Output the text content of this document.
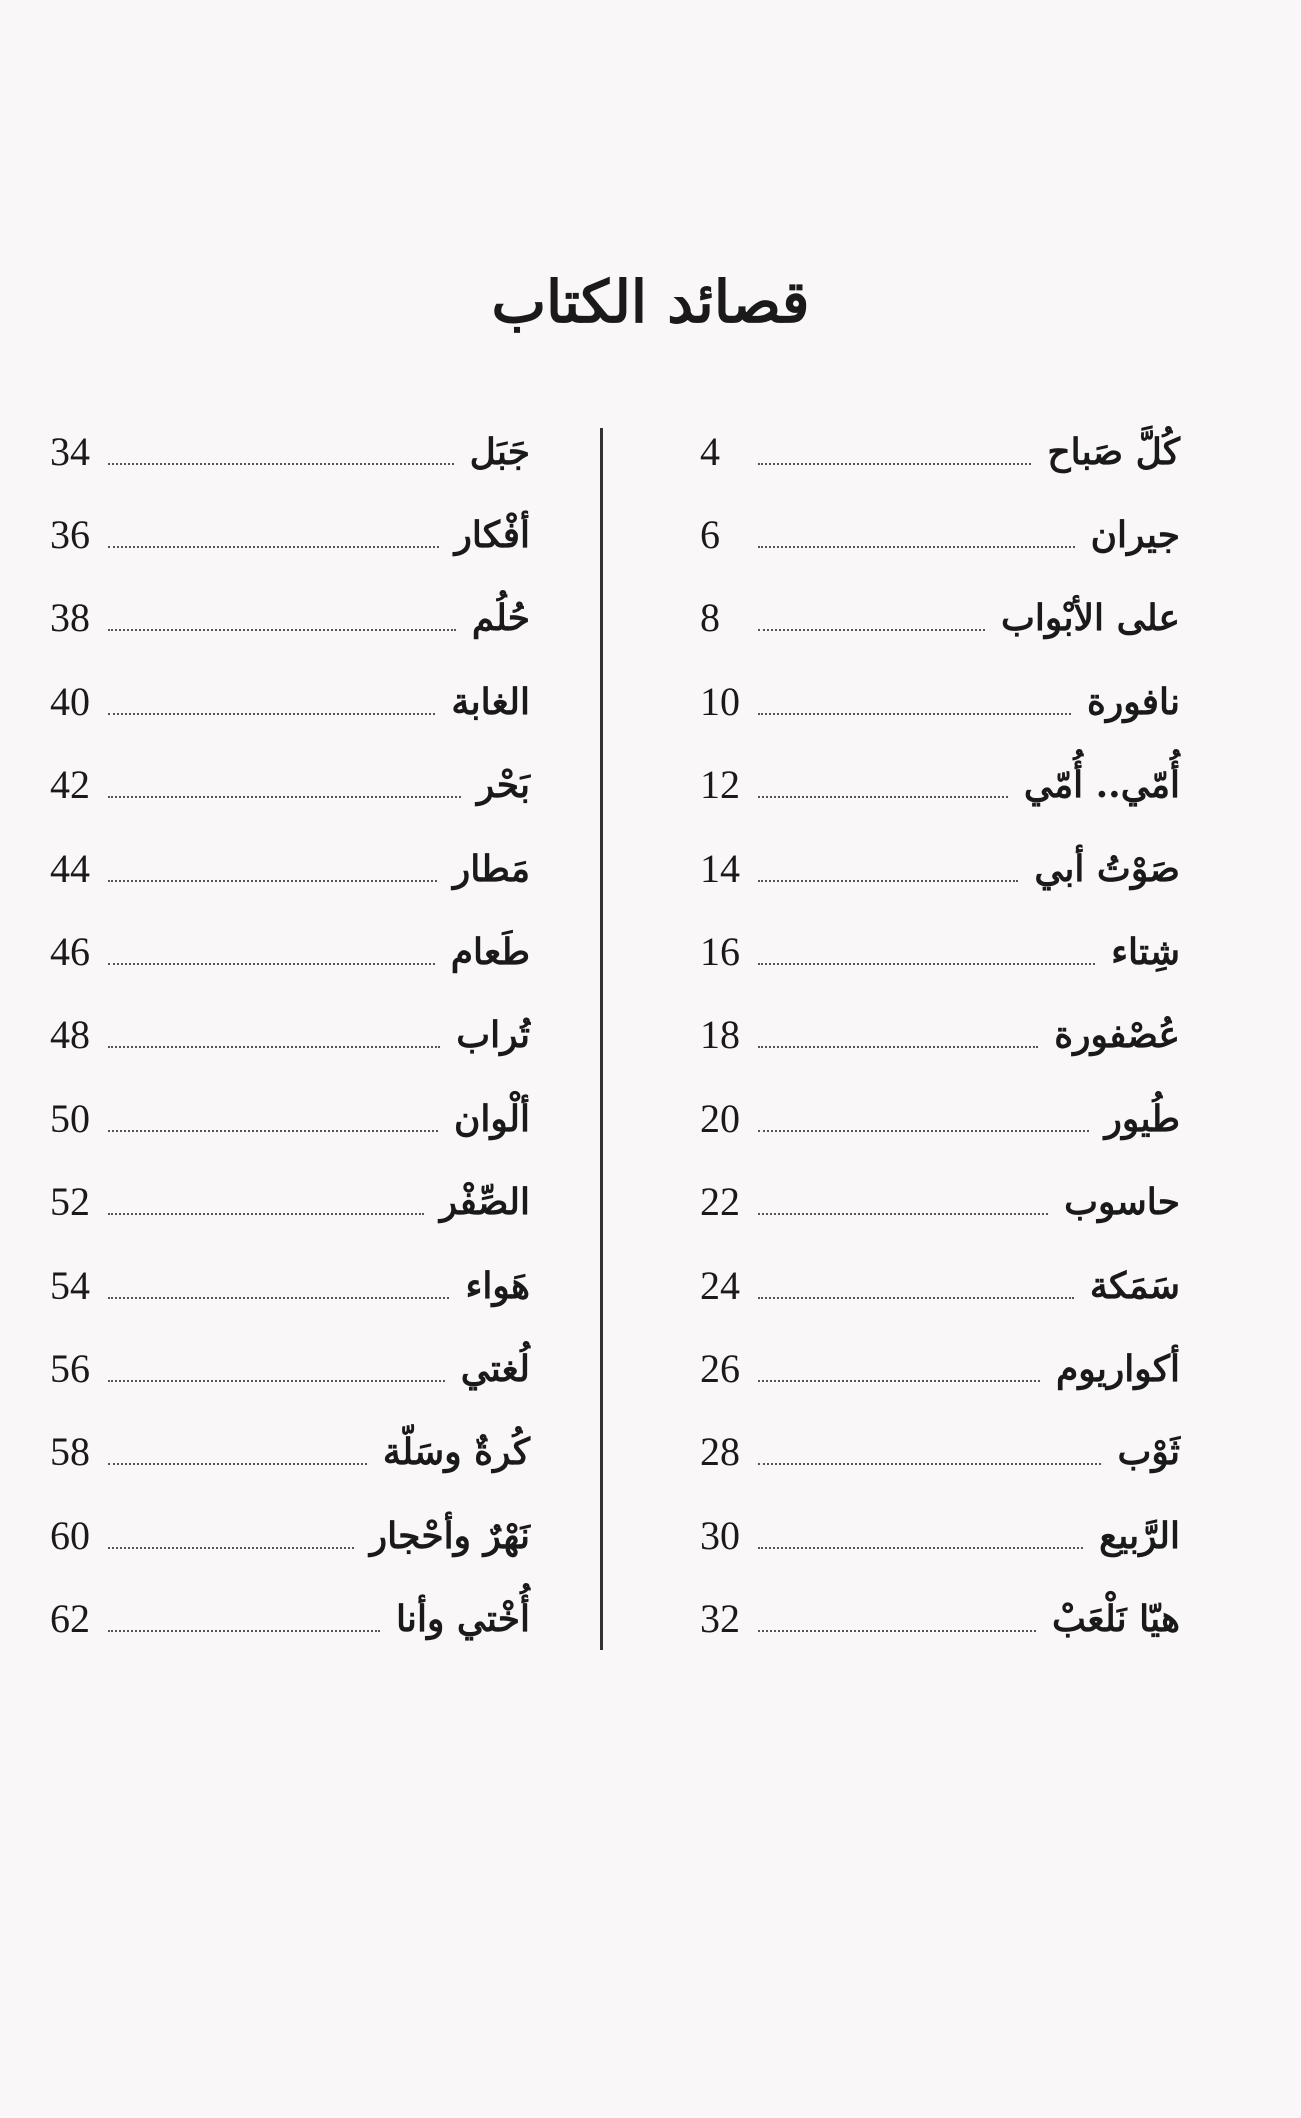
قصائد الكتاب
كُلَّ صَباح
4
جيران
6
على الأبْواب
8
نافورة
10
أُمّي.. أُمّي
12
صَوْتُ أبي
14
شِتاء
16
عُصْفورة
18
طُيور
20
حاسوب
22
سَمَكة
24
أكواريوم
26
ثَوْب
28
الرَّبيع
30
هيّا نَلْعَبْ
32
جَبَل
34
أفْكار
36
حُلُم
38
الغابة
40
بَحْر
42
مَطار
44
طَعام
46
تُراب
48
ألْوان
50
الصِّفْر
52
هَواء
54
لُغتي
56
كُرةٌ وسَلّة
58
نَهْرٌ وأحْجار
60
أُخْتي وأنا
62
